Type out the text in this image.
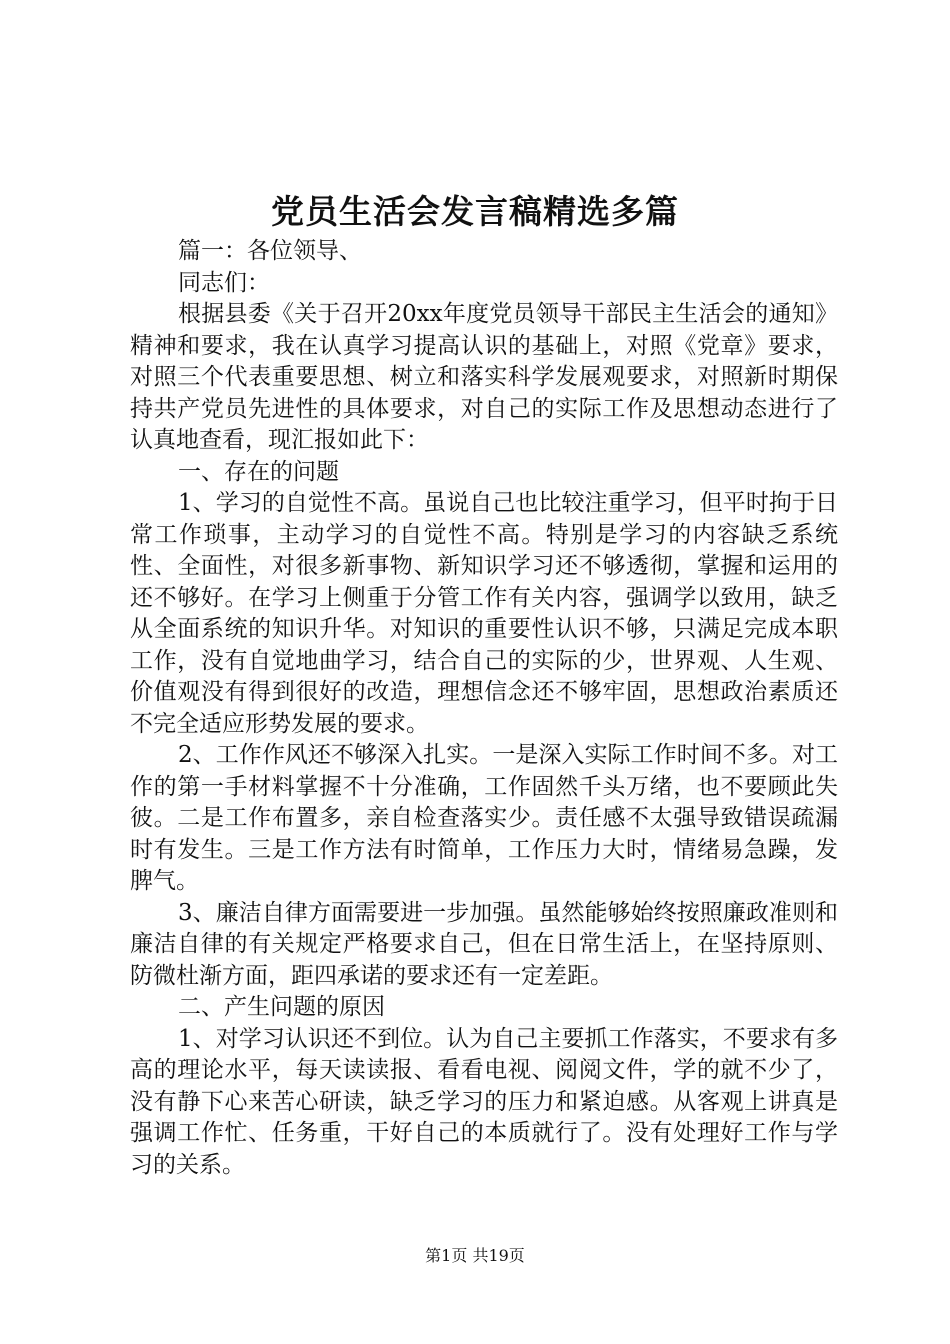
党员生活会发言稿精选多篇

篇一：各位领导、

同志们：

根据县委《关于召开20xx年度党员领导干部民主生活会的通知》精神和要求，我在认真学习提高认识的基础上，对照《党章》要求，对照三个代表重要思想、树立和落实科学发展观要求，对照新时期保持共产党员先进性的具体要求，对自己的实际工作及思想动态进行了认真地查看，现汇报如此下：

一、存在的问题

1、学习的自觉性不高。虽说自己也比较注重学习，但平时拘于日常工作琐事，主动学习的自觉性不高。特别是学习的内容缺乏系统性、全面性，对很多新事物、新知识学习还不够透彻，掌握和运用的还不够好。在学习上侧重于分管工作有关内容，强调学以致用，缺乏从全面系统的知识升华。对知识的重要性认识不够，只满足完成本职工作，没有自觉地曲学习，结合自己的实际的少，世界观、人生观、价值观没有得到很好的改造，理想信念还不够牢固，思想政治素质还不完全适应形势发展的要求。

2、工作作风还不够深入扎实。一是深入实际工作时间不多。对工作的第一手材料掌握不十分准确，工作固然千头万绪，也不要顾此失彼。二是工作布置多，亲自检查落实少。责任感不太强导致错误疏漏时有发生。三是工作方法有时简单，工作压力大时，情绪易急躁，发脾气。

3、廉洁自律方面需要进一步加强。虽然能够始终按照廉政准则和廉洁自律的有关规定严格要求自己，但在日常生活上，在坚持原则、防微杜渐方面，距四承诺的要求还有一定差距。

二、产生问题的原因

1、对学习认识还不到位。认为自己主要抓工作落实，不要求有多高的理论水平，每天读读报、看看电视、阅阅文件，学的就不少了，没有静下心来苦心研读，缺乏学习的压力和紧迫感。从客观上讲真是强调工作忙、任务重，干好自己的本质就行了。没有处理好工作与学习的关系。

第1页 共19页
